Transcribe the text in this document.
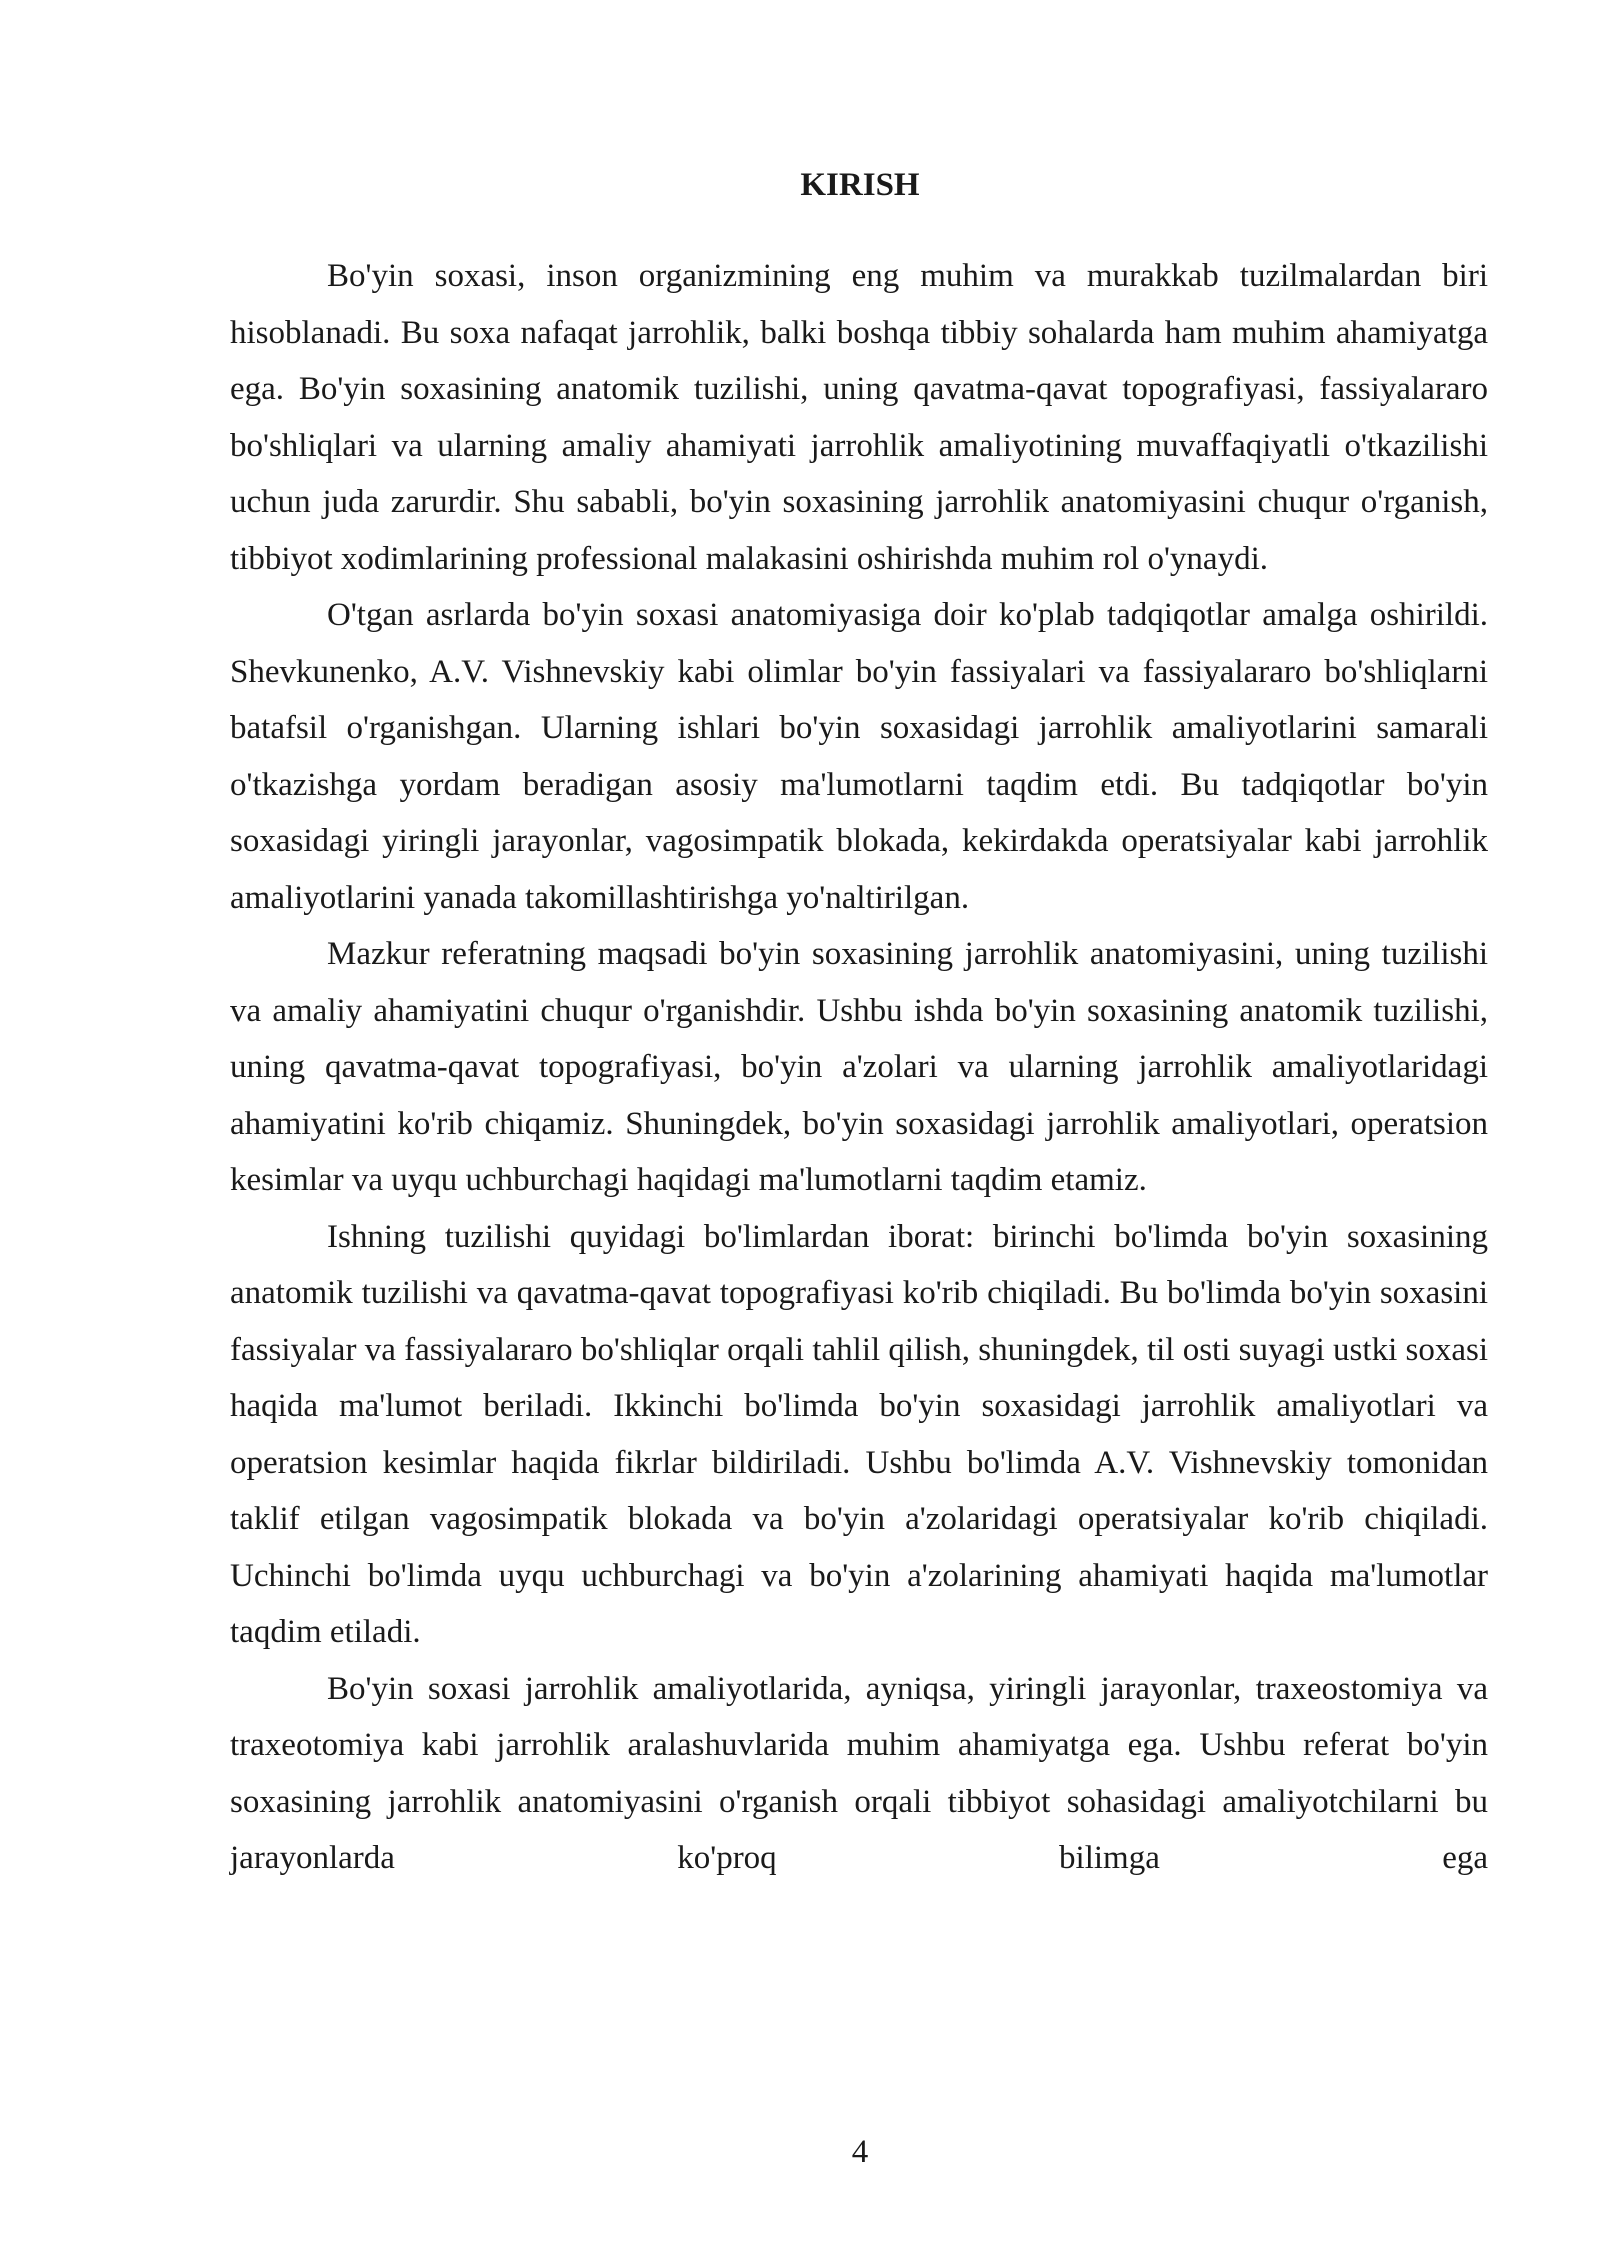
KIRISH

Bo'yin soxasi, inson organizmining eng muhim va murakkab tuzilmalardan biri hisoblanadi. Bu soxa nafaqat jarrohlik, balki boshqa tibbiy sohalarda ham muhim ahamiyatga ega. Bo'yin soxasining anatomik tuzilishi, uning qavatma-qavat topografiyasi, fassiyalararo bo'shliqlari va ularning amaliy ahamiyati jarrohlik amaliyotining muvaffaqiyatli o'tkazilishi uchun juda zarurdir. Shu sababli, bo'yin soxasining jarrohlik anatomiyasini chuqur o'rganish, tibbiyot xodimlarining professional malakasini oshirishda muhim rol o'ynaydi.

O'tgan asrlarda bo'yin soxasi anatomiyasiga doir ko'plab tadqiqotlar amalga oshirildi. Shevkunenko, A.V. Vishnevskiy kabi olimlar bo'yin fassiyalari va fassiyalararo bo'shliqlarni batafsil o'rganishgan. Ularning ishlari bo'yin soxasidagi jarrohlik amaliyotlarini samarali o'tkazishga yordam beradigan asosiy ma'lumotlarni taqdim etdi. Bu tadqiqotlar bo'yin soxasidagi yiringli jarayonlar, vagosimpatik blokada, kekirdakda operatsiyalar kabi jarrohlik amaliyotlarini yanada takomillashtirishga yo'naltirilgan.

Mazkur referatning maqsadi bo'yin soxasining jarrohlik anatomiyasini, uning tuzilishi va amaliy ahamiyatini chuqur o'rganishdir. Ushbu ishda bo'yin soxasining anatomik tuzilishi, uning qavatma-qavat topografiyasi, bo'yin a'zolari va ularning jarrohlik amaliyotlaridagi ahamiyatini ko'rib chiqamiz. Shuningdek, bo'yin soxasidagi jarrohlik amaliyotlari, operatsion kesimlar va uyqu uchburchagi haqidagi ma'lumotlarni taqdim etamiz.

Ishning tuzilishi quyidagi bo'limlardan iborat: birinchi bo'limda bo'yin soxasining anatomik tuzilishi va qavatma-qavat topografiyasi ko'rib chiqiladi. Bu bo'limda bo'yin soxasini fassiyalar va fassiyalararo bo'shliqlar orqali tahlil qilish, shuningdek, til osti suyagi ustki soxasi haqida ma'lumot beriladi. Ikkinchi bo'limda bo'yin soxasidagi jarrohlik amaliyotlari va operatsion kesimlar haqida fikrlar bildiriladi. Ushbu bo'limda A.V. Vishnevskiy tomonidan taklif etilgan vagosimpatik blokada va bo'yin a'zolaridagi operatsiyalar ko'rib chiqiladi. Uchinchi bo'limda uyqu uchburchagi va bo'yin a'zolarining ahamiyati haqida ma'lumotlar taqdim etiladi.

Bo'yin soxasi jarrohlik amaliyotlarida, ayniqsa, yiringli jarayonlar, traxeostomiya va traxeotomiya kabi jarrohlik aralashuvlarida muhim ahamiyatga ega. Ushbu referat bo'yin soxasining jarrohlik anatomiyasini o'rganish orqali tibbiyot sohasidagi amaliyotchilarni bu jarayonlarda ko'proq bilimga ega

4
